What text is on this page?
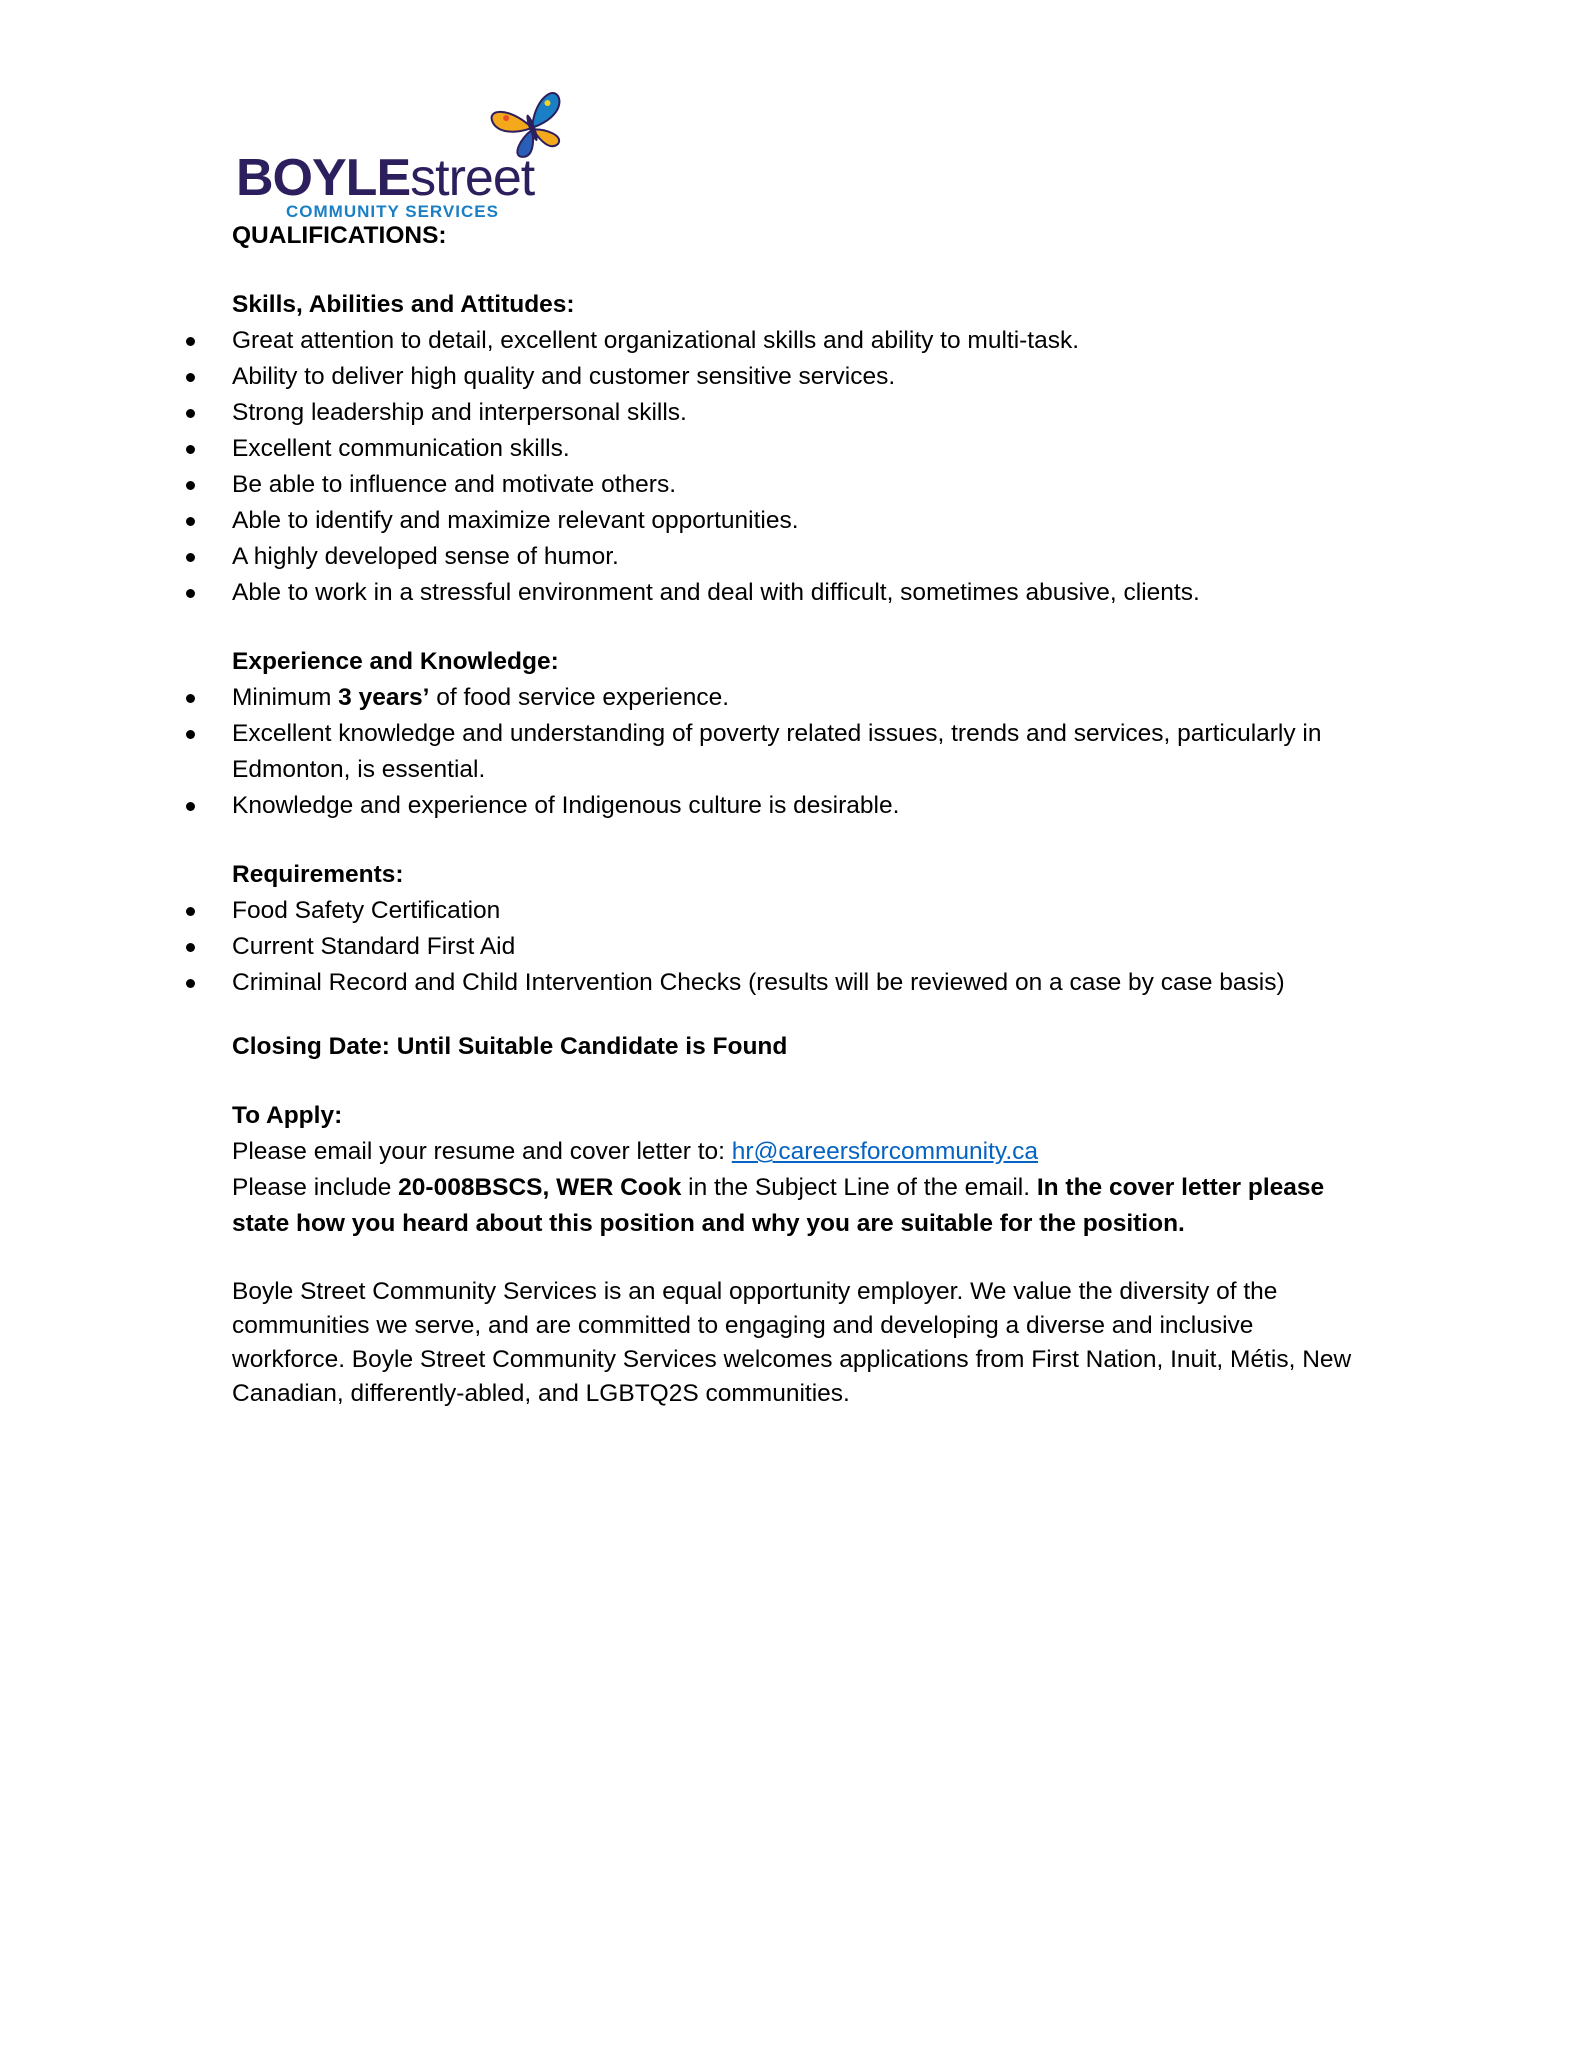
BOYLEstreet
COMMUNITY SERVICES

QUALIFICATIONS:

Skills, Abilities and Attitudes:

Great attention to detail, excellent organizational skills and ability to multi-task.
Ability to deliver high quality and customer sensitive services.
Strong leadership and interpersonal skills.
Excellent communication skills.
Be able to influence and motivate others.
Able to identify and maximize relevant opportunities.
A highly developed sense of humor.
Able to work in a stressful environment and deal with difficult, sometimes abusive, clients.

Experience and Knowledge:

Minimum 3 years’ of food service experience.
Excellent knowledge and understanding of poverty related issues, trends and services, particularly in Edmonton, is essential.
Knowledge and experience of Indigenous culture is desirable.

Requirements:

Food Safety Certification
Current Standard First Aid
Criminal Record and Child Intervention Checks (results will be reviewed on a case by case basis)

Closing Date: Until Suitable Candidate is Found

To Apply:

Please email your resume and cover letter to: hr@careersforcommunity.ca

Please include 20-008BSCS, WER Cook in the Subject Line of the email. In the cover letter please state how you heard about this position and why you are suitable for the position.

Boyle Street Community Services is an equal opportunity employer. We value the diversity of the communities we serve, and are committed to engaging and developing a diverse and inclusive workforce. Boyle Street Community Services welcomes applications from First Nation, Inuit, Métis, New Canadian, differently-abled, and LGBTQ2S communities.
